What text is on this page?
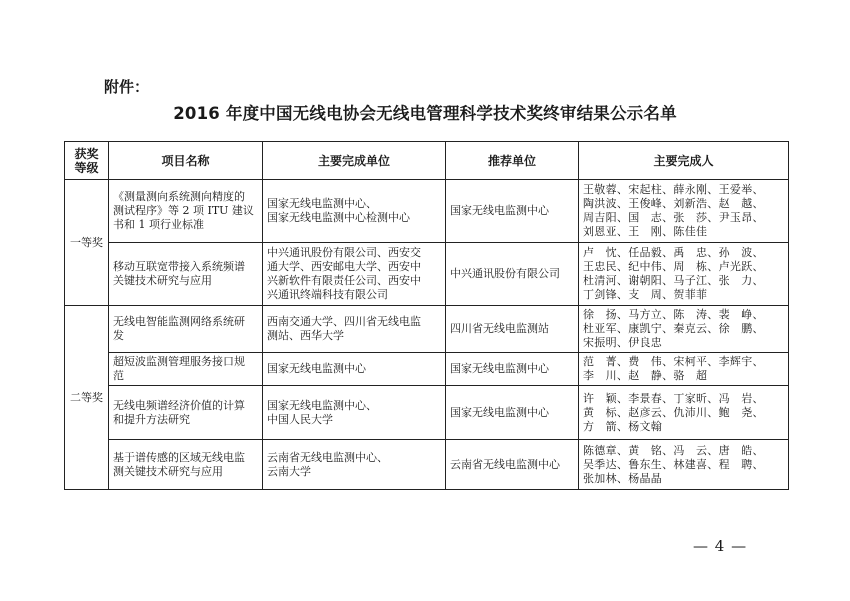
附件：
2016 年度中国无线电协会无线电管理科学技术奖终审结果公示名单
获奖
等级	项目名称	主要完成单位	推荐单位	主要完成人
一等奖	《测量测向系统测向精度的
测试程序》等 2 项 ITU 建议
书和 1 项行业标准	国家无线电监测中心、
国家无线电监测中心检测中心	国家无线电监测中心	王敬蓉、宋起柱、薛永刚、王爱举、
陶洪波、王俊峰、刘新浩、赵　越、
周吉阳、国　志、张　莎、尹玉昂、
刘恩亚、王　刚、陈佳佳

	移动互联宽带接入系统频谱
关键技术研究与应用	中兴通讯股份有限公司、西安交
通大学、西安邮电大学、西安中
兴新软件有限责任公司、西安中
兴通讯终端科技有限公司	中兴通讯股份有限公司	卢　忱、任品毅、禹　忠、孙　波、
王忠民、纪中伟、周　栋、卢光跃、
杜清河、谢朝阳、马子江、张　力、
丁剑锋、支　周、贺菲菲

二等奖	无线电智能监测网络系统研
发	西南交通大学、四川省无线电监
测站、西华大学	四川省无线电监测站	徐　扬、马方立、陈　涛、裴　峥、
杜亚军、康凯宁、秦克云、徐　鹏、
宋振明、伊良忠

	超短波监测管理服务接口规
范	国家无线电监测中心	国家无线电监测中心	范　菁、费　伟、宋柯平、李辉宇、
李　川、赵　静、骆　超

	无线电频谱经济价值的计算
和提升方法研究	国家无线电监测中心、
中国人民大学	国家无线电监测中心	许　颖、李景春、丁家昕、冯　岩、
黄　标、赵彦云、仇沛川、鲍　尧、
方　箭、杨文翰

	基于谱传感的区域无线电监
测关键技术研究与应用	云南省无线电监测中心、
云南大学	云南省无线电监测中心	陈德章、黄　铭、冯　云、唐　皓、
吴季达、鲁东生、林建喜、程　聘、
张加林、杨晶晶
— 4 —
